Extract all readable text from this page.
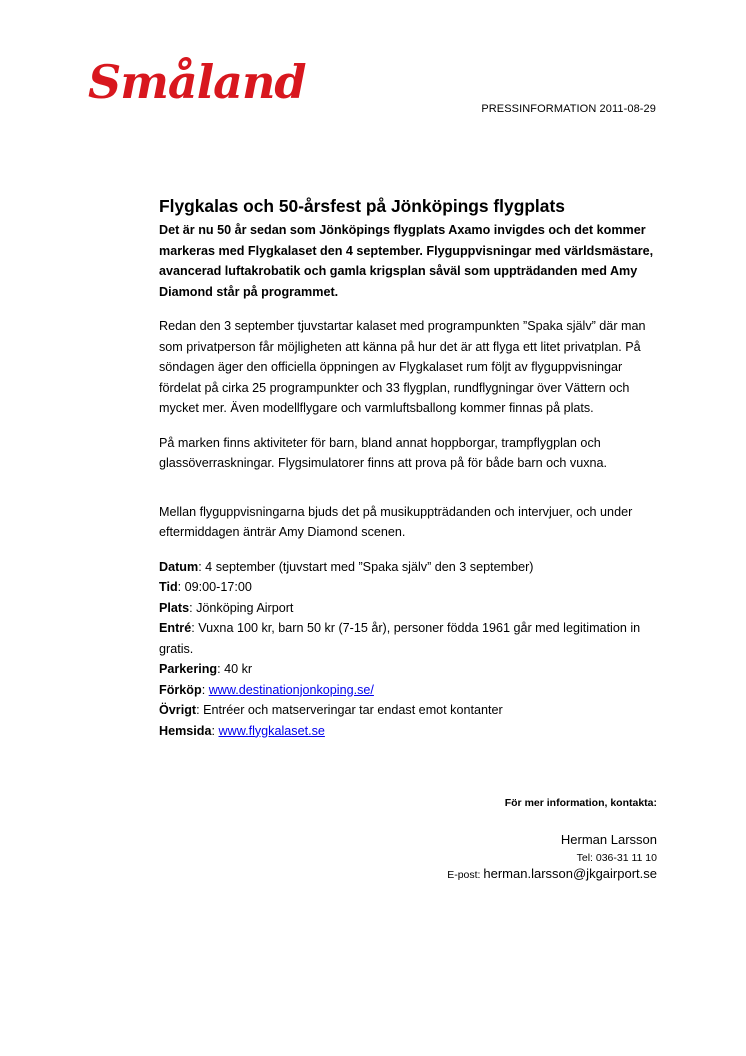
Småland	PRESSINFORMATION 2011-08-29
Flygkalas och 50-årsfest på Jönköpings flygplats

Det är nu 50 år sedan som Jönköpings flygplats Axamo invigdes och det kommer markeras med Flygkalaset den 4 september. Flyguppvisningar med världsmästare, avancerad luftakrobatik och gamla krigsplan såväl som uppträdanden med Amy Diamond står på programmet.

Redan den 3 september tjuvstartar kalaset med programpunkten ”Spaka själv” där man som privatperson får möjligheten att känna på hur det är att flyga ett litet privatplan. På söndagen äger den officiella öppningen av Flygkalaset rum följt av flyguppvisningar fördelat på cirka 25 programpunkter och 33 flygplan, rundflygningar över Vättern och mycket mer. Även modellflygare och varmluftsballong kommer finnas på plats.

På marken finns aktiviteter för barn, bland annat hoppborgar, trampflygplan och glassöverraskningar. Flygsimulatorer finns att prova på för både barn och vuxna.

Mellan flyguppvisningarna bjuds det på musikuppträdanden och intervjuer, och under eftermiddagen änträr Amy Diamond scenen.

Datum: 4 september (tjuvstart med ”Spaka själv” den 3 september)
Tid: 09:00-17:00
Plats: Jönköping Airport
Entré: Vuxna 100 kr, barn 50 kr (7-15 år), personer födda 1961 går med legitimation in gratis.
Parkering: 40 kr
Förköp: www.destinationjonkoping.se/
Övrigt: Entréer och matserveringar tar endast emot kontanter
Hemsida: www.flygkalaset.se
För mer information, kontakta:
Herman Larsson
Tel: 036-31 11 10
E-post: herman.larsson@jkgairport.se
